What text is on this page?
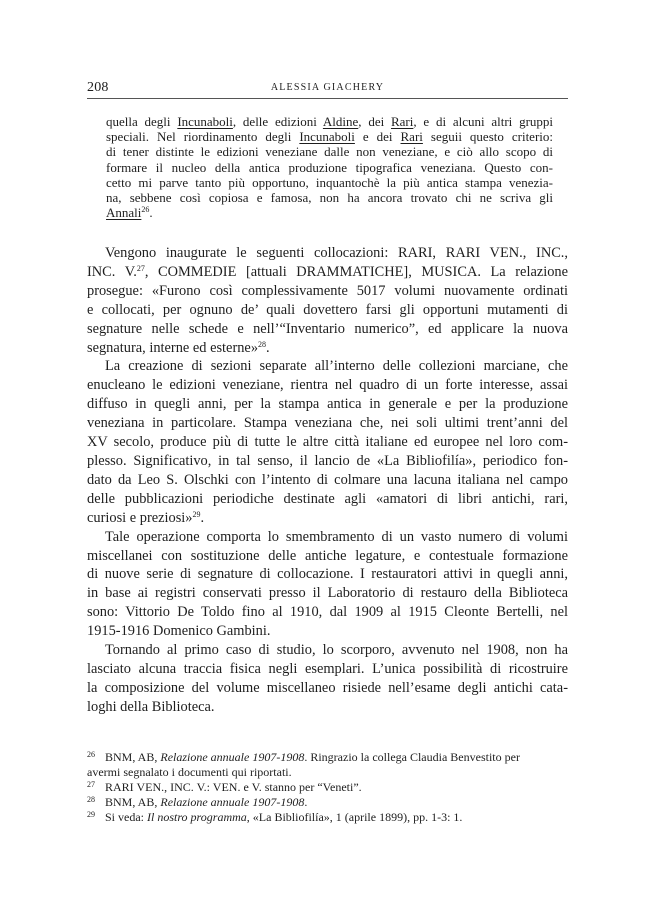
208	ALESSIA GIACHERY
quella degli Incunaboli, delle edizioni Aldine, dei Rari, e di alcuni altri gruppi
speciali. Nel riordinamento degli Incunaboli e dei Rari seguii questo criterio:
di tener distinte le edizioni veneziane dalle non veneziane, e ciò allo scopo di
formare il nucleo della antica produzione tipografica veneziana. Questo con-
cetto mi parve tanto più opportuno, inquantochè la più antica stampa venezia-
na, sebbene così copiosa e famosa, non ha ancora trovato chi ne scriva gli
Annali$^{26}$.

Vengono inaugurate le seguenti collocazioni: RARI, RARI VEN., INC.,
INC. V.$^{27}$, COMMEDIE [attuali DRAMMATICHE], MUSICA. La relazione
prosegue: «Furono così complessivamente 5017 volumi nuovamente ordinati
e collocati, per ognuno de’ quali dovettero farsi gli opportuni mutamenti di
segnature nelle schede e nell’“Inventario numerico”, ed applicare la nuova
segnatura, interne ed esterne»$^{28}$.

La creazione di sezioni separate all’interno delle collezioni marciane, che
enucleano le edizioni veneziane, rientra nel quadro di un forte interesse, assai
diffuso in quegli anni, per la stampa antica in generale e per la produzione
veneziana in particolare. Stampa veneziana che, nei soli ultimi trent’anni del
XV secolo, produce più di tutte le altre città italiane ed europee nel loro com-
plesso. Significativo, in tal senso, il lancio de «La Bibliofilía», periodico fon-
dato da Leo S. Olschki con l’intento di colmare una lacuna italiana nel campo
delle pubblicazioni periodiche destinate agli «amatori di libri antichi, rari,
curiosi e preziosi»$^{29}$.

Tale operazione comporta lo smembramento di un vasto numero di volumi
miscellanei con sostituzione delle antiche legature, e contestuale formazione
di nuove serie di segnature di collocazione. I restauratori attivi in quegli anni,
in base ai registri conservati presso il Laboratorio di restauro della Biblioteca
sono: Vittorio De Toldo fino al 1910, dal 1909 al 1915 Cleonte Bertelli, nel
1915-1916 Domenico Gambini.

Tornando al primo caso di studio, lo scorporo, avvenuto nel 1908, non ha
lasciato alcuna traccia fisica negli esemplari. L’unica possibilità di ricostruire
la composizione del volume miscellaneo risiede nell’esame degli antichi cata-
loghi della Biblioteca.

26 BNM, AB, Relazione annuale 1907-1908. Ringrazio la collega Claudia Benvestito per
avermi segnalato i documenti qui riportati.
27 RARI VEN., INC. V.: VEN. e V. stanno per “Veneti”.
28 BNM, AB, Relazione annuale 1907-1908.
29 Si veda: Il nostro programma, «La Bibliofilía», 1 (aprile 1899), pp. 1-3: 1.
